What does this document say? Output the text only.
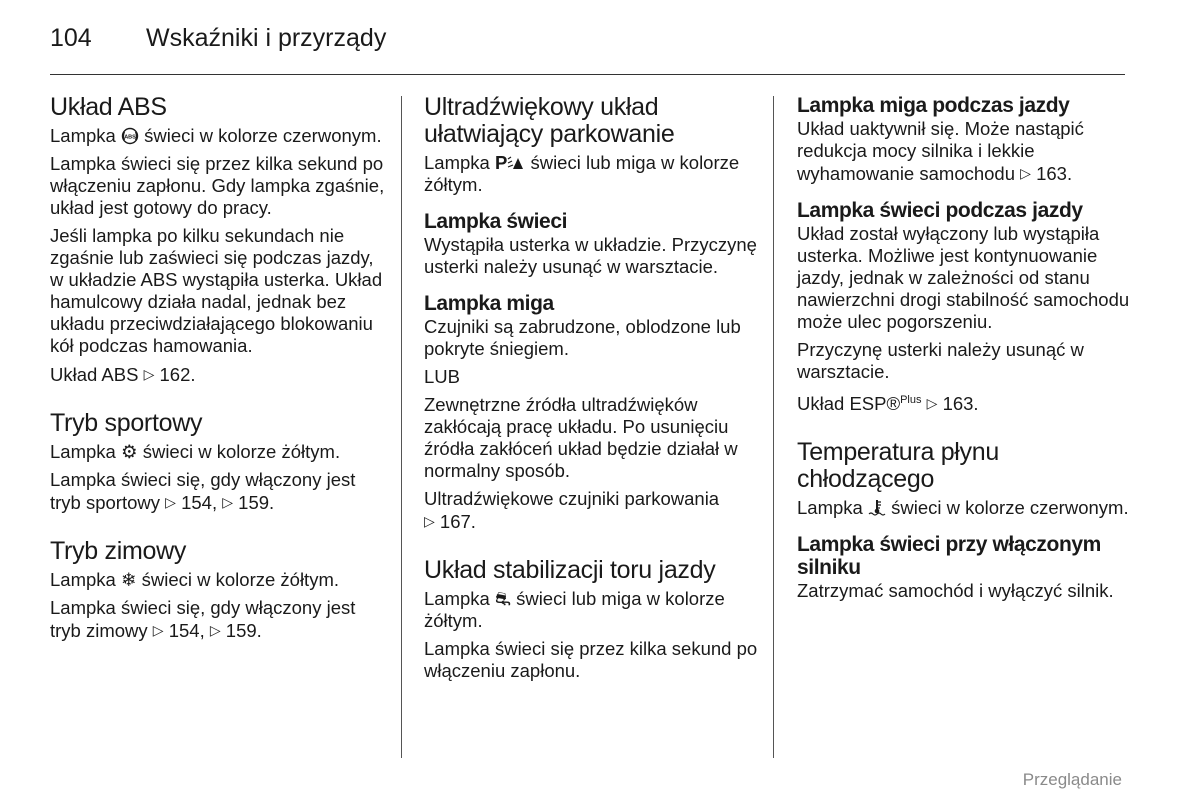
104 Wskaźniki i przyrządy
Układ ABS

Lampka ABS świeci w kolorze czerwonym.

Lampka świeci się przez kilka sekund po włączeniu zapłonu. Gdy lampka zgaśnie, układ jest gotowy do pracy.

Jeśli lampka po kilku sekundach nie zgaśnie lub zaświeci się podczas jazdy, w układzie ABS wystąpiła usterka. Układ hamulcowy działa nadal, jednak bez układu przeciwdziałającego blokowaniu kół podczas hamowania.

Układ ABS ▷ 162.

Tryb sportowy

Lampka ⚙ świeci w kolorze żółtym.

Lampka świeci się, gdy włączony jest tryb sportowy ▷ 154, ▷ 159.

Tryb zimowy

Lampka ❄ świeci w kolorze żółtym.

Lampka świeci się, gdy włączony jest tryb zimowy ▷ 154, ▷ 159.

Ultradźwiękowy układ ułatwiający parkowanie

Lampka P świeci lub miga w kolorze żółtym.

Lampka świeci

Wystąpiła usterka w układzie. Przyczynę usterki należy usunąć w warsztacie.

Lampka miga

Czujniki są zabrudzone, oblodzone lub pokryte śniegiem.

LUB

Zewnętrzne źródła ultradźwięków zakłócają pracę układu. Po usunięciu źródła zakłóceń układ będzie działał w normalny sposób.

Ultradźwiękowe czujniki parkowania
▷ 167.

Układ stabilizacji toru jazdy

Lampka ⛐ świeci lub miga w kolorze żółtym.

Lampka świeci się przez kilka sekund po włączeniu zapłonu.

Lampka miga podczas jazdy

Układ uaktywnił się. Może nastąpić redukcja mocy silnika i lekkie wyhamowanie samochodu ▷ 163.

Lampka świeci podczas jazdy

Układ został wyłączony lub wystąpiła usterka. Możliwe jest kontynuowanie jazdy, jednak w zależności od stanu nawierzchni drogi stabilność samochodu może ulec pogorszeniu.

Przyczynę usterki należy usunąć w warsztacie.

Układ ESP®$^{Plus}$ ▷ 163.

Temperatura płynu chłodzącego

Lampka świeci w kolorze czerwonym.

Lampka świeci przy włączonym silniku

Zatrzymać samochód i wyłączyć silnik.

Przeglądanie
